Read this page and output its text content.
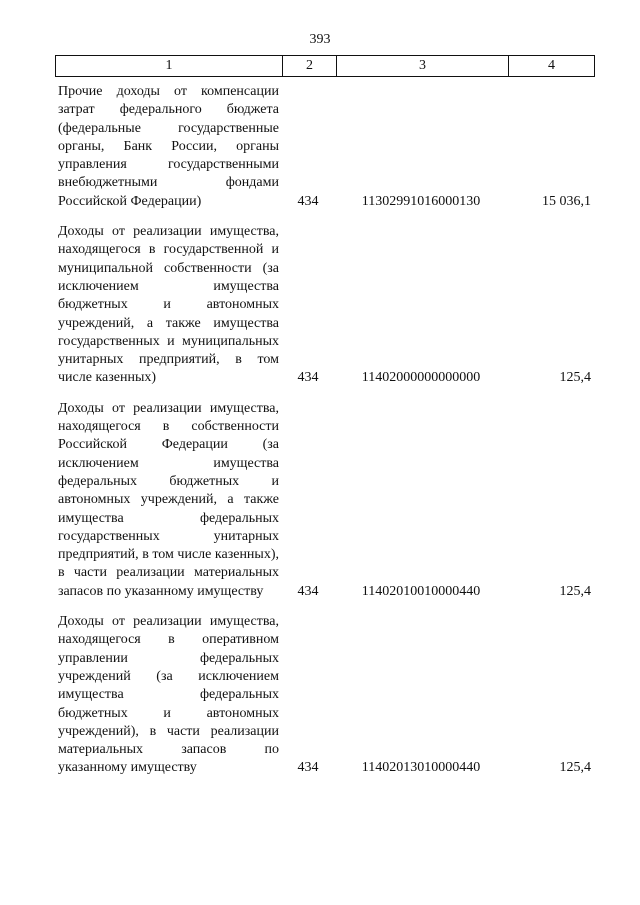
393
1	2	3	4
Прочие доходы от компенсации затрат федерального бюджета (федеральные государственные органы, Банк России, органы управления государственными внебюджетными фондами Российской Федерации)	434	11302991016000130	15 036,1
Доходы от реализации имущества, находящегося в государственной и муниципальной собственности (за исключением имущества бюджетных и автономных учреждений, а также имущества государственных и муниципальных унитарных предприятий, в том числе казенных)	434	11402000000000000	125,4
Доходы от реализации имущества, находящегося в собственности Российской Федерации (за исключением имущества федеральных бюджетных и автономных учреждений, а также имущества федеральных государственных унитарных предприятий, в том числе казенных), в части реализации материальных запасов по указанному имуществу	434	11402010010000440	125,4
Доходы от реализации имущества, находящегося в оперативном управлении федеральных учреждений (за исключением имущества федеральных бюджетных и автономных учреждений), в части реализации материальных запасов по указанному имуществу	434	11402013010000440	125,4
